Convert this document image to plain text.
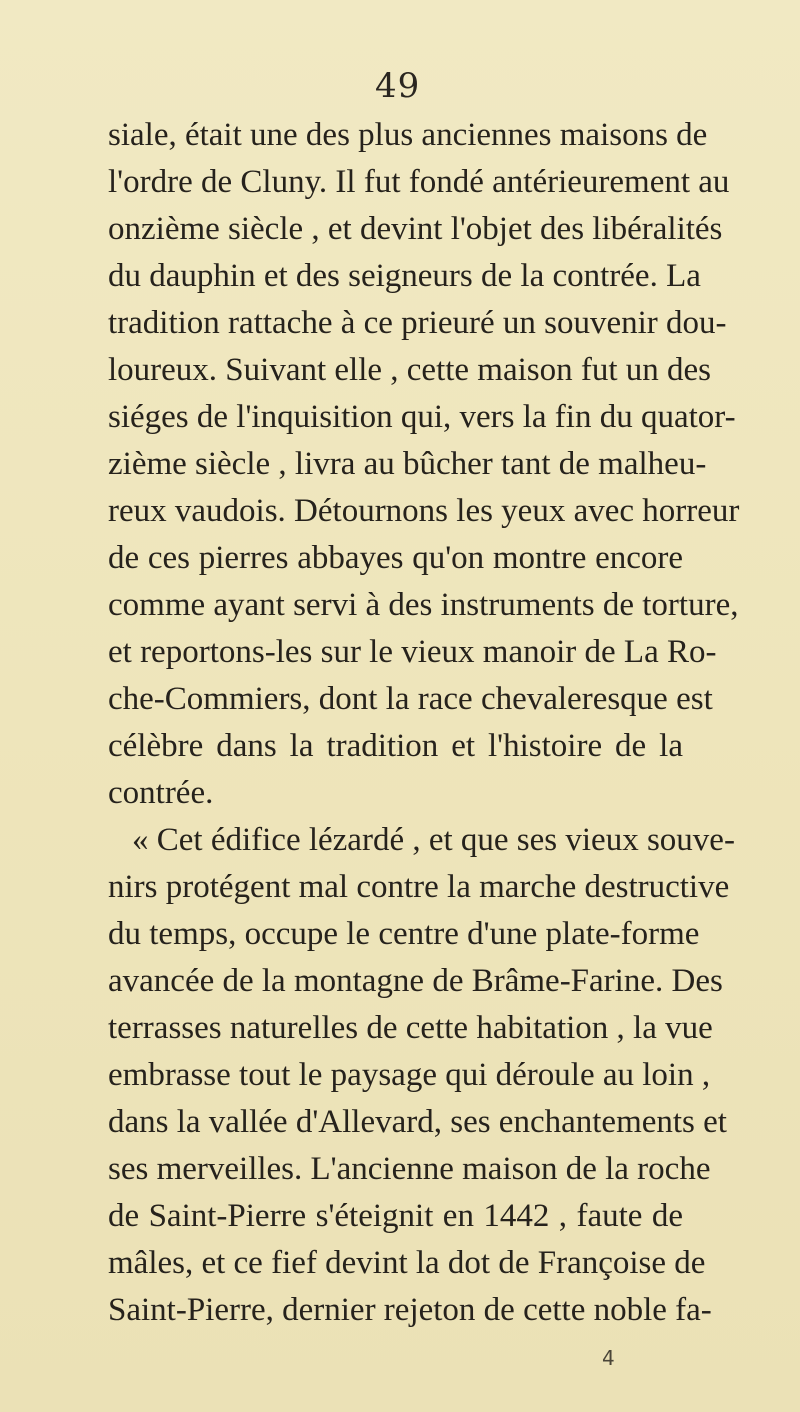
49
siale, était une des plus anciennes maisons de
l'ordre de Cluny. Il fut fondé antérieurement au
onzième siècle , et devint l'objet des libéralités
du dauphin et des seigneurs de la contrée. La
tradition rattache à ce prieuré un souvenir dou-
loureux. Suivant elle , cette maison fut un des
siéges de l'inquisition qui, vers la fin du quator-
zième siècle , livra au bûcher tant de malheu-
reux vaudois. Détournons les yeux avec horreur
de ces pierres abbayes qu'on montre encore
comme ayant servi à des instruments de torture,
et reportons-les sur le vieux manoir de La Ro-
che-Commiers, dont la race chevaleresque est
célèbre dans la tradition et l'histoire de la
contrée.
« Cet édifice lézardé , et que ses vieux souve-
nirs protégent mal contre la marche destructive
du temps, occupe le centre d'une plate-forme
avancée de la montagne de Brâme-Farine. Des
terrasses naturelles de cette habitation , la vue
embrasse tout le paysage qui déroule au loin ,
dans la vallée d'Allevard, ses enchantements et
ses merveilles. L'ancienne maison de la roche
de Saint-Pierre s'éteignit en 1442 , faute de
mâles, et ce fief devint la dot de Françoise de
Saint-Pierre, dernier rejeton de cette noble fa-
4
